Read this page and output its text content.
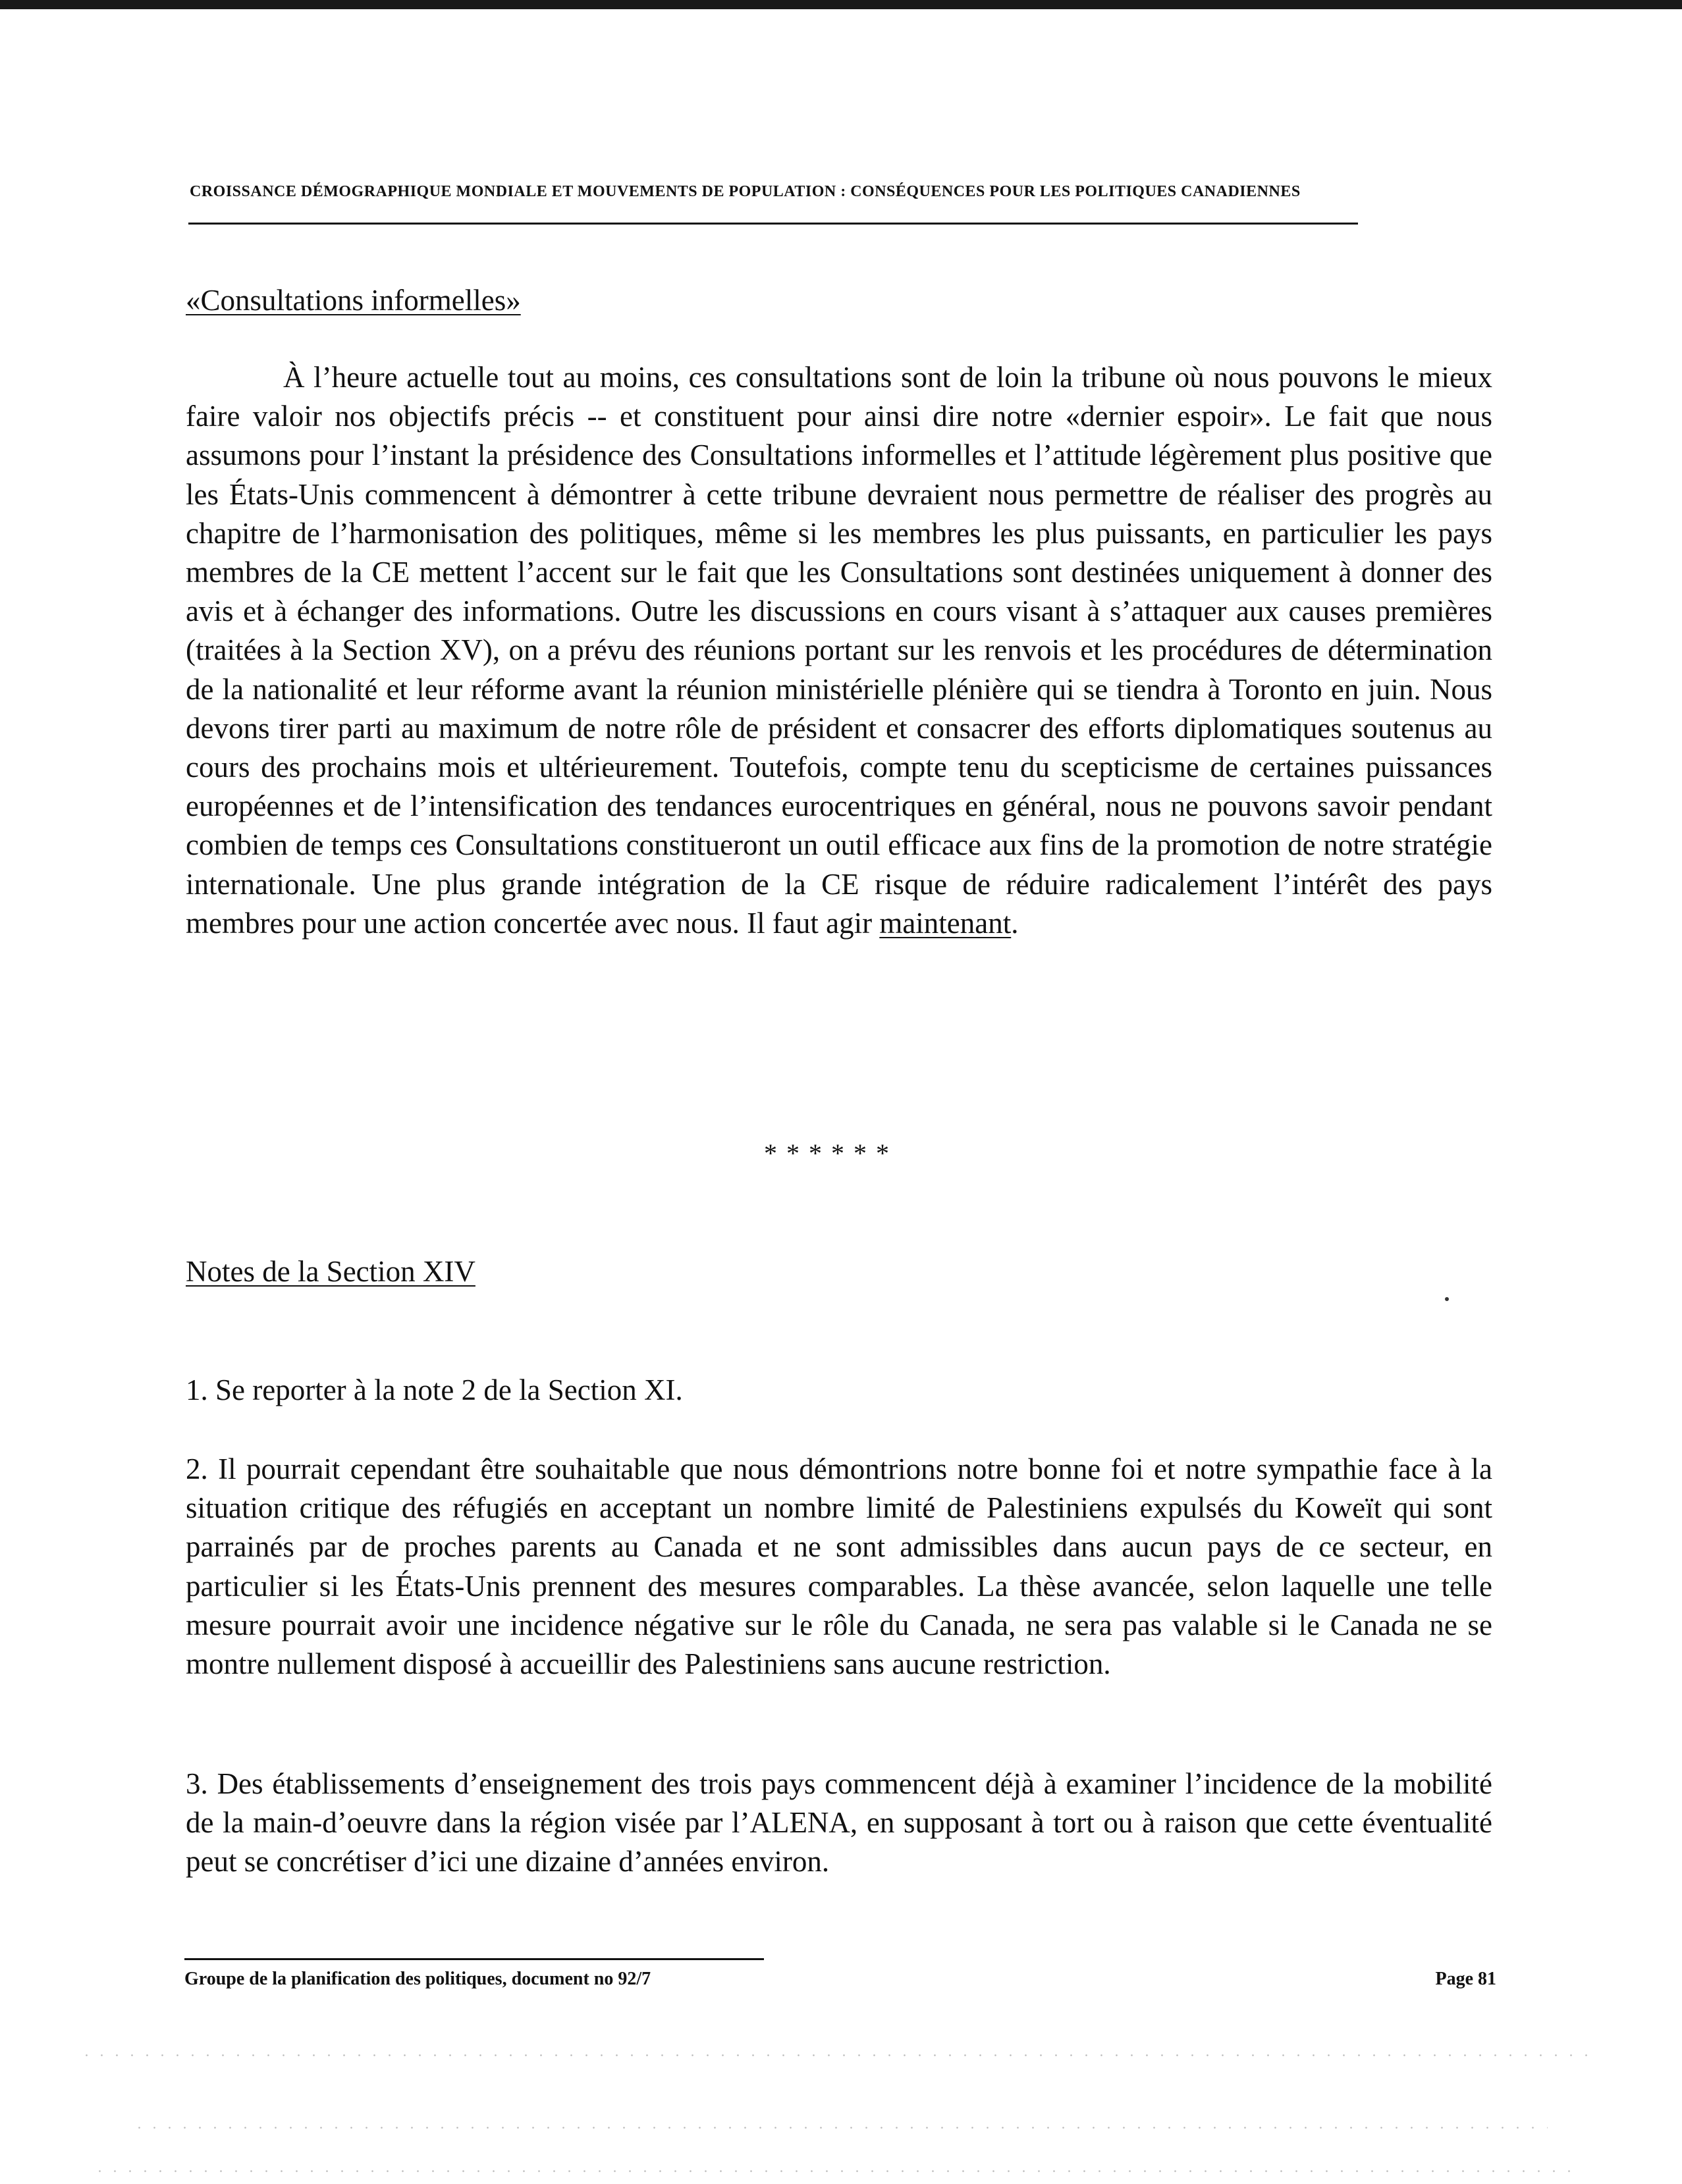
CROISSANCE DÉMOGRAPHIQUE MONDIALE ET MOUVEMENTS DE POPULATION : CONSÉQUENCES POUR LES POLITIQUES CANADIENNES
«Consultations informelles»

À l’heure actuelle tout au moins, ces consultations sont de loin la tribune où nous pouvons le mieux faire valoir nos objectifs précis -- et constituent pour ainsi dire notre «dernier espoir». Le fait que nous assumons pour l’instant la présidence des Consultations informelles et l’attitude légèrement plus positive que les États-Unis commencent à démontrer à cette tribune devraient nous permettre de réaliser des progrès au chapitre de l’harmonisation des politiques, même si les membres les plus puissants, en particulier les pays membres de la CE mettent l’accent sur le fait que les Consultations sont destinées uniquement à donner des avis et à échanger des informations. Outre les discussions en cours visant à s’attaquer aux causes premières (traitées à la Section XV), on a prévu des réunions portant sur les renvois et les procédures de détermination de la nationalité et leur réforme avant la réunion ministérielle plénière qui se tiendra à Toronto en juin. Nous devons tirer parti au maximum de notre rôle de président et consacrer des efforts diplomatiques soutenus au cours des prochains mois et ultérieurement. Toutefois, compte tenu du scepticisme de certaines puissances européennes et de l’intensification des tendances eurocentriques en général, nous ne pouvons savoir pendant combien de temps ces Consultations constitueront un outil efficace aux fins de la promotion de notre stratégie internationale. Une plus grande intégration de la CE risque de réduire radicalement l’intérêt des pays membres pour une action concertée avec nous. Il faut agir maintenant.

******
Notes de la Section XIV

1. Se reporter à la note 2 de la Section XI.

2. Il pourrait cependant être souhaitable que nous démontrions notre bonne foi et notre sympathie face à la situation critique des réfugiés en acceptant un nombre limité de Palestiniens expulsés du Koweït qui sont parrainés par de proches parents au Canada et ne sont admissibles dans aucun pays de ce secteur, en particulier si les États-Unis prennent des mesures comparables. La thèse avancée, selon laquelle une telle mesure pourrait avoir une incidence négative sur le rôle du Canada, ne sera pas valable si le Canada ne se montre nullement disposé à accueillir des Palestiniens sans aucune restriction.

3. Des établissements d’enseignement des trois pays commencent déjà à examiner l’incidence de la mobilité de la main-d’oeuvre dans la région visée par l’ALENA, en supposant à tort ou à raison que cette éventualité peut se concrétiser d’ici une dizaine d’années environ.

Groupe de la planification des politiques, document no 92/7	Page 81
